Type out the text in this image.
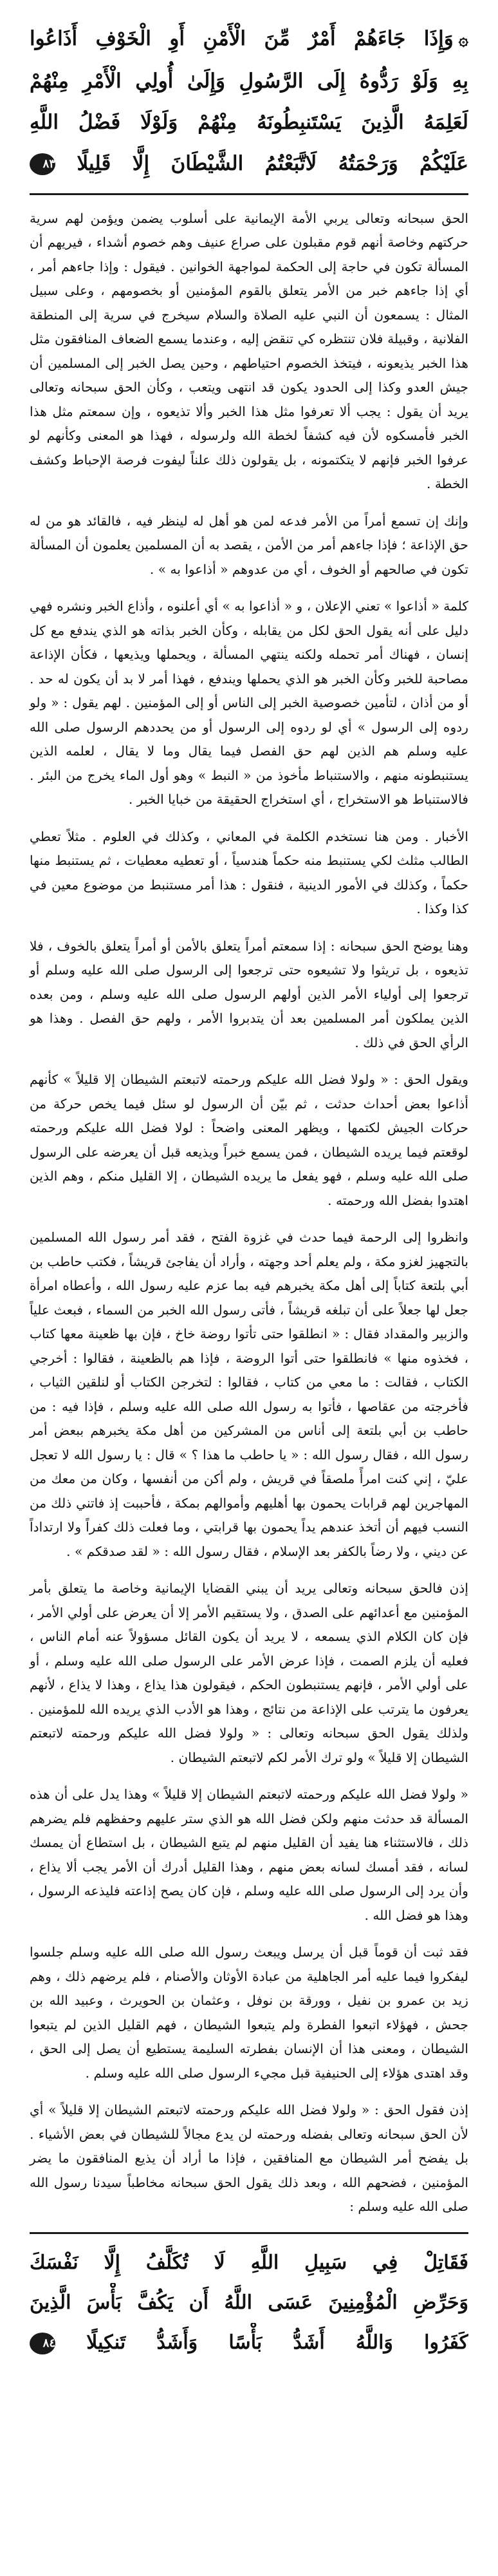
۞وَإِذَا جَاءَهُمْ أَمْرٌ مِّنَ الْأَمْنِ أَوِ الْخَوْفِ أَذَاعُوا
بِهِ وَلَوْ رَدُّوهُ إِلَى الرَّسُولِ وَإِلَىٰ أُولِي الْأَمْرِ مِنْهُمْ
لَعَلِمَهُ الَّذِينَ يَسْتَنبِطُونَهُ مِنْهُمْ وَلَوْلَا فَضْلُ اللَّهِ
عَلَيْكُمْ وَرَحْمَتُهُ لَاتَّبَعْتُمُ الشَّيْطَانَ إِلَّا قَلِيلًا ٨٣

الحق سبحانه وتعالى يربي الأمة الإيمانية على أسلوب يضمن ويؤمن لهم سرية حركتهم وخاصة أنهم قوم مقبلون على صراع عنيف وهم خصوم أشداء ، فيريهم أن المسألة تكون في حاجة إلى الحكمة لمواجهة الخوانين . فيقول : وإذا جاءهم أمر ، أي إذا جاءهم خبر من الأمر يتعلق بالقوم المؤمنين أو بخصومهم ، وعلى سبيل المثال : يسمعون أن النبي عليه الصلاة والسلام سيخرج في سرية إلى المنطقة الفلانية ، وقبيلة فلان تنتظره كي تنقض إليه ، وعندما يسمع الضعاف المنافقون مثل هذا الخبر يذيعونه ، فيتخذ الخصوم احتياطهم ، وحين يصل الخبر إلى المسلمين أن جيش العدو وكذا إلى الحدود يكون قد انتهى ويتعب ، وكأن الحق سبحانه وتعالى يريد أن يقول : يجب ألا تعرفوا مثل هذا الخبر وألا تذيعوه ، وإن سمعتم مثل هذا الخبر فأمسكوه لأن فيه كشفاً لخطة الله ولرسوله ، فهذا هو المعنى وكأنهم لو عرفوا الخبر فإنهم لا يتكتمونه ، بل يقولون ذلك علناً ليفوت فرصة الإحباط وكشف الخطة .

وإنك إن تسمع أمراً من الأمر فدعه لمن هو أهل له لينظر فيه ، فالقائد هو من له حق الإذاعة ؛ فإذا جاءهم أمر من الأمن ، يقصد به أن المسلمين يعلمون أن المسألة تكون في صالحهم أو الخوف ، أي من عدوهم « أذاعوا به » .

كلمة « أذاعوا » تعني الإعلان ، و « أذاعوا به » أي أعلنوه ، وأذاع الخبر ونشره فهي دليل على أنه يقول الحق لكل من يقابله ، وكأن الخبر بذاته هو الذي يندفع مع كل إنسان ، فهناك أمر تحمله ولكنه ينتهي المسألة ، ويحملها ويذيعها ، فكأن الإذاعة مصاحبة للخبر وكأن الخبر هو الذي يحملها ويندفع ، فهذا أمر لا بد أن يكون له حد . أو من أذان ، لتأمين خصوصية الخبر إلى الناس أو إلى المؤمنين . لهم يقول : « ولو ردوه إلى الرسول » أي لو ردوه إلى الرسول أو من يحددهم الرسول صلى الله عليه وسلم هم الذين لهم حق الفصل فيما يقال وما لا يقال ، لعلمه الذين يستنبطونه منهم ، والاستنباط مأخوذ من « النبط » وهو أول الماء يخرج من البئر . فالاستنباط هو الاستخراج ، أي استخراج الحقيقة من خبايا الخبر .

الأخبار . ومن هنا نستخدم الكلمة في المعاني ، وكذلك في العلوم . مثلاً تعطي الطالب مثلث لكي يستنبط منه حكماً هندسياً ، أو تعطيه معطيات ، ثم يستنبط منها حكماً ، وكذلك في الأمور الدينية ، فنقول : هذا أمر مستنبط من موضوع معين في كذا وكذا .

وهنا يوضح الحق سبحانه : إذا سمعتم أمراً يتعلق بالأمن أو أمراً يتعلق بالخوف ، فلا تذيعوه ، بل تريثوا ولا تشيعوه حتى ترجعوا إلى الرسول صلى الله عليه وسلم أو ترجعوا إلى أولياء الأمر الذين أولهم الرسول صلى الله عليه وسلم ، ومن بعده الذين يملكون أمر المسلمين بعد أن يتدبروا الأمر ، ولهم حق الفصل . وهذا هو الرأي الحق في ذلك .

ويقول الحق : « ولولا فضل الله عليكم ورحمته لاتبعتم الشيطان إلا قليلاً » كأنهم أذاعوا بعض أحداث حدثت ، ثم بيّن أن الرسول لو سئل فيما يخص حركة من حركات الجيش لكتمها ، ويظهر المعنى واضحاً : لولا فضل الله عليكم ورحمته لوقعتم فيما يريده الشيطان ، فمن يسمع خبراً ويذيعه قبل أن يعرضه على الرسول صلى الله عليه وسلم ، فهو يفعل ما يريده الشيطان ، إلا القليل منكم ، وهم الذين اهتدوا بفضل الله ورحمته .

وانظروا إلى الرحمة فيما حدث في غزوة الفتح ، فقد أمر رسول الله المسلمين بالتجهيز لغزو مكة ، ولم يعلم أحد وجهته ، وأراد أن يفاجئ قريشاً ، فكتب حاطب بن أبي بلتعة كتاباً إلى أهل مكة يخبرهم فيه بما عزم عليه رسول الله ، وأعطاه امرأة جعل لها جعلاً على أن تبلغه قريشاً ، فأتى رسول الله الخبر من السماء ، فبعث علياً والزبير والمقداد فقال : « انطلقوا حتى تأتوا روضة خاخ ، فإن بها ظعينة معها كتاب ، فخذوه منها » فانطلقوا حتى أتوا الروضة ، فإذا هم بالظعينة ، فقالوا : أخرجي الكتاب ، فقالت : ما معي من كتاب ، فقالوا : لتخرجن الكتاب أو لنلقين الثياب ، فأخرجته من عقاصها ، فأتوا به رسول الله صلى الله عليه وسلم ، فإذا فيه : من حاطب بن أبي بلتعة إلى أناس من المشركين من أهل مكة يخبرهم ببعض أمر رسول الله ، فقال رسول الله : « يا حاطب ما هذا ؟ » قال : يا رسول الله لا تعجل عليّ ، إني كنت امرأً ملصقاً في قريش ، ولم أكن من أنفسها ، وكان من معك من المهاجرين لهم قرابات يحمون بها أهليهم وأموالهم بمكة ، فأحببت إذ فاتني ذلك من النسب فيهم أن أتخذ عندهم يداً يحمون بها قرابتي ، وما فعلت ذلك كفراً ولا ارتداداً عن ديني ، ولا رضاً بالكفر بعد الإسلام ، فقال رسول الله : « لقد صدقكم » .

إذن فالحق سبحانه وتعالى يريد أن يبني القضايا الإيمانية وخاصة ما يتعلق بأمر المؤمنين مع أعدائهم على الصدق ، ولا يستقيم الأمر إلا أن يعرض على أولي الأمر ، فإن كان الكلام الذي يسمعه ، لا يريد أن يكون القائل مسؤولاً عنه أمام الناس ، فعليه أن يلزم الصمت ، فإذا عرض الأمر على الرسول صلى الله عليه وسلم ، أو على أولي الأمر ، فإنهم يستنبطون الحكم ، فيقولون هذا يذاع ، وهذا لا يذاع ، لأنهم يعرفون ما يترتب على الإذاعة من نتائج ، وهذا هو الأدب الذي يريده الله للمؤمنين . ولذلك يقول الحق سبحانه وتعالى : « ولولا فضل الله عليكم ورحمته لاتبعتم الشيطان إلا قليلاً » ولو ترك الأمر لكم لاتبعتم الشيطان .

« ولولا فضل الله عليكم ورحمته لاتبعتم الشيطان إلا قليلاً » وهذا يدل على أن هذه المسألة قد حدثت منهم ولكن فضل الله هو الذي ستر عليهم وحفظهم فلم يضرهم ذلك ، فالاستثناء هنا يفيد أن القليل منهم لم يتبع الشيطان ، بل استطاع أن يمسك لسانه ، فقد أمسك لسانه بعض منهم ، وهذا القليل أدرك أن الأمر يجب ألا يذاع ، وأن يرد إلى الرسول صلى الله عليه وسلم ، فإن كان يصح إذاعته فليذعه الرسول ، وهذا هو فضل الله .

فقد ثبت أن قوماً قبل أن يرسل ويبعث رسول الله صلى الله عليه وسلم جلسوا ليفكروا فيما عليه أمر الجاهلية من عبادة الأوثان والأصنام ، فلم يرضهم ذلك ، وهم زيد بن عمرو بن نفيل ، وورقة بن نوفل ، وعثمان بن الحويرث ، وعبيد الله بن جحش ، فهؤلاء اتبعوا الفطرة ولم يتبعوا الشيطان ، فهم القليل الذين لم يتبعوا الشيطان ، ومعنى هذا أن الإنسان بفطرته السليمة يستطيع أن يصل إلى الحق ، وقد اهتدى هؤلاء إلى الحنيفية قبل مجيء الرسول صلى الله عليه وسلم .

إذن فقول الحق : « ولولا فضل الله عليكم ورحمته لاتبعتم الشيطان إلا قليلاً » أي لأن الحق سبحانه وتعالى بفضله ورحمته لن يدع مجالاً للشيطان في بعض الأشياء . بل يفضح أمر الشيطان مع المنافقين ، فإذا ما أراد أن يذيع المنافقون ما يضر المؤمنين ، فضحهم الله ، وبعد ذلك يقول الحق سبحانه مخاطباً سيدنا رسول الله صلى الله عليه وسلم :

فَقَاتِلْ فِي سَبِيلِ اللَّهِ لَا تُكَلَّفُ إِلَّا نَفْسَكَ
وَحَرِّضِ الْمُؤْمِنِينَ عَسَى اللَّهُ أَن يَكُفَّ بَأْسَ الَّذِينَ
كَفَرُوا وَاللَّهُ أَشَدُّ بَأْسًا وَأَشَدُّ تَنكِيلًا ٨٤
